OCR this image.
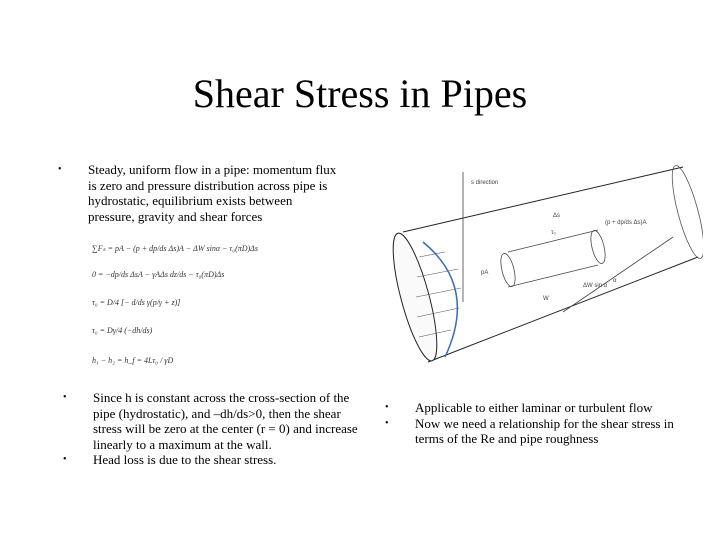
Shear Stress in Pipes
• Steady, uniform flow in a pipe: momentum flux is zero and pressure distribution across pipe is hydrostatic, equilibrium exists between pressure, gravity and shear forces
∑Fₛ = pA − (p + dp/ds Δs)A − ΔW sinα − τ₀(πD)Δs
0 = −dp/ds ΔsA − γAΔs dz/ds − τ₀(πD)Δs
τ₀ = D/4 [− d/ds γ(p/γ + z)]
τ₀ = Dγ/4 (−dh/ds)
h₁ − h₂ = h_f = 4Lτ₀ / γD
s direction
W
pA
(p + dp/ds Δs)A
τ₀
Δs
α
ΔW sin α
• Since h is constant across the cross-section of the pipe (hydrostatic), and –dh/ds>0, then the shear stress will be zero at the center (r = 0) and increase linearly to a maximum at the wall.
• Head loss is due to the shear stress.
• Applicable to either laminar or turbulent flow
• Now we need a relationship for the shear stress in terms of the Re and pipe roughness
